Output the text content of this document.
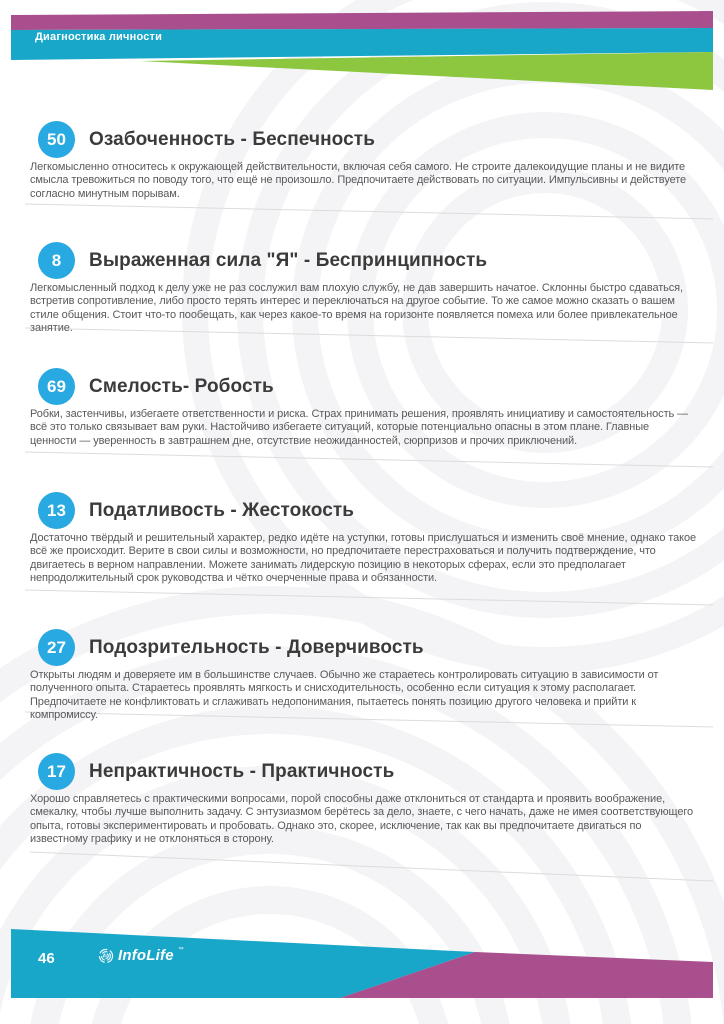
Диагностика личности
50	Озабоченность - Беспечность

Легкомысленно относитесь к окружающей действительности, включая себя самого. Не строите далекоидущие планы и не видите смысла тревожиться по поводу того, что ещё не произошло. Предпочитаете действовать по ситуации. Импульсивны и действуете согласно минутным порывам.

8	Выраженная сила "Я" - Беспринципность

Легкомысленный подход к делу уже не раз сослужил вам плохую службу, не дав завершить начатое. Склонны быстро сдаваться, встретив сопротивление, либо просто терять интерес и переключаться на другое событие. То же самое можно сказать о вашем стиле общения. Стоит что-то пообещать, как через какое-то время на горизонте появляется помеха или более привлекательное занятие.

69	Смелость- Робость

Робки, застенчивы, избегаете ответственности и риска. Страх принимать решения, проявлять инициативу и самостоятельность — всё это только связывает вам руки. Настойчиво избегаете ситуаций, которые потенциально опасны в этом плане. Главные ценности — уверенность в завтрашнем дне, отсутствие неожиданностей, сюрпризов и прочих приключений.

13	Податливость - Жестокость

Достаточно твёрдый и решительный характер, редко идёте на уступки, готовы прислушаться и изменить своё мнение, однако такое всё же происходит. Верите в свои силы и возможности, но предпочитаете перестраховаться и получить подтверждение, что двигаетесь в верном направлении. Можете занимать лидерскую позицию в некоторых сферах, если это предполагает непродолжительный срок руководства и чётко очерченные права и обязанности.

27	Подозрительность - Доверчивость

Открыты людям и доверяете им в большинстве случаев. Обычно же стараетесь контролировать ситуацию в зависимости от полученного опыта. Стараетесь проявлять мягкость и снисходительность, особенно если ситуация к этому располагает. Предпочитаете не конфликтовать и сглаживать недопонимания, пытаетесь понять позицию другого человека и прийти к компромиссу.

17	Непрактичность - Практичность

Хорошо справляетесь с практическими вопросами, порой способны даже отклониться от стандарта и проявить воображение, смекалку, чтобы лучше выполнить задачу. С энтузиазмом берётесь за дело, знаете, с чего начать, даже не имея соответствующего опыта, готовы экспериментировать и пробовать. Однако это, скорее, исключение, так как вы предпочитаете двигаться по известному графику и не отклоняться в сторону.

46	InfoLife ™
